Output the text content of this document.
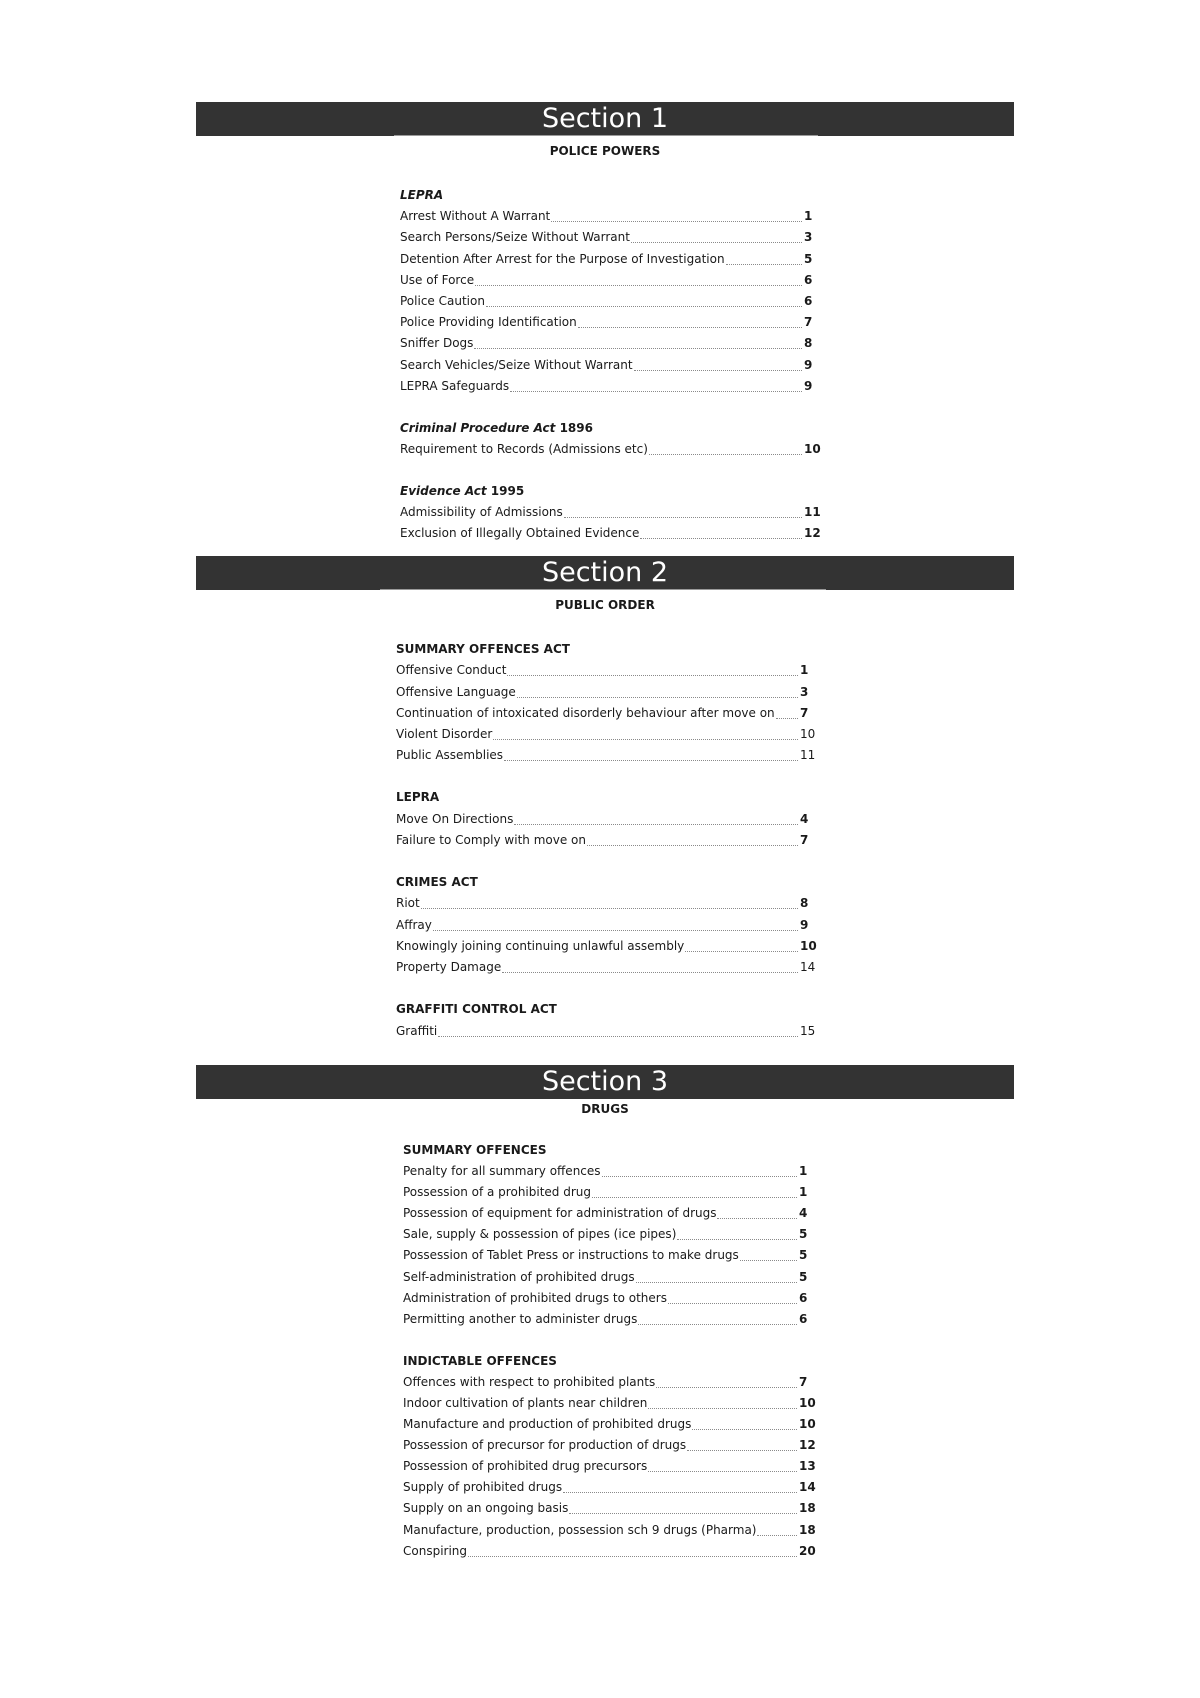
Section 1
POLICE POWERS
LEPRA
Arrest Without A Warrant	1
Search Persons/Seize Without Warrant	3
Detention After Arrest for the Purpose of Investigation	5
Use of Force	6
Police Caution	6
Police Providing Identification	7
Sniffer Dogs	8
Search Vehicles/Seize Without Warrant	9
LEPRA Safeguards	9
Criminal Procedure Act 1896
Requirement to Records (Admissions etc)	10
Evidence Act 1995
Admissibility of Admissions	11
Exclusion of Illegally Obtained Evidence	12
Section 2
PUBLIC ORDER
SUMMARY OFFENCES ACT
Offensive Conduct	1
Offensive Language	3
Continuation of intoxicated disorderly behaviour after move on 7
Violent Disorder	10
Public Assemblies	11
LEPRA
Move On Directions	4
Failure to Comply with move on	7
CRIMES ACT
Riot	8
Affray	9
Knowingly joining continuing unlawful assembly	10
Property Damage	14
GRAFFITI CONTROL ACT
Graffiti	15
Section 3
DRUGS
SUMMARY OFFENCES
Penalty for all summary offences	1
Possession of a prohibited drug	1
Possession of equipment for administration of drugs	4
Sale, supply & possession of pipes (ice pipes)	5
Possession of Tablet Press or instructions to make drugs	5
Self-administration of prohibited drugs	5
Administration of prohibited drugs to others	6
Permitting another to administer drugs	6
INDICTABLE OFFENCES
Offences with respect to prohibited plants	7
Indoor cultivation of plants near children	10
Manufacture and production of prohibited drugs	10
Possession of precursor for production of drugs	12
Possession of prohibited drug precursors	13
Supply of prohibited drugs	14
Supply on an ongoing basis	18
Manufacture, production, possession sch 9 drugs (Pharma)	18
Conspiring	20
